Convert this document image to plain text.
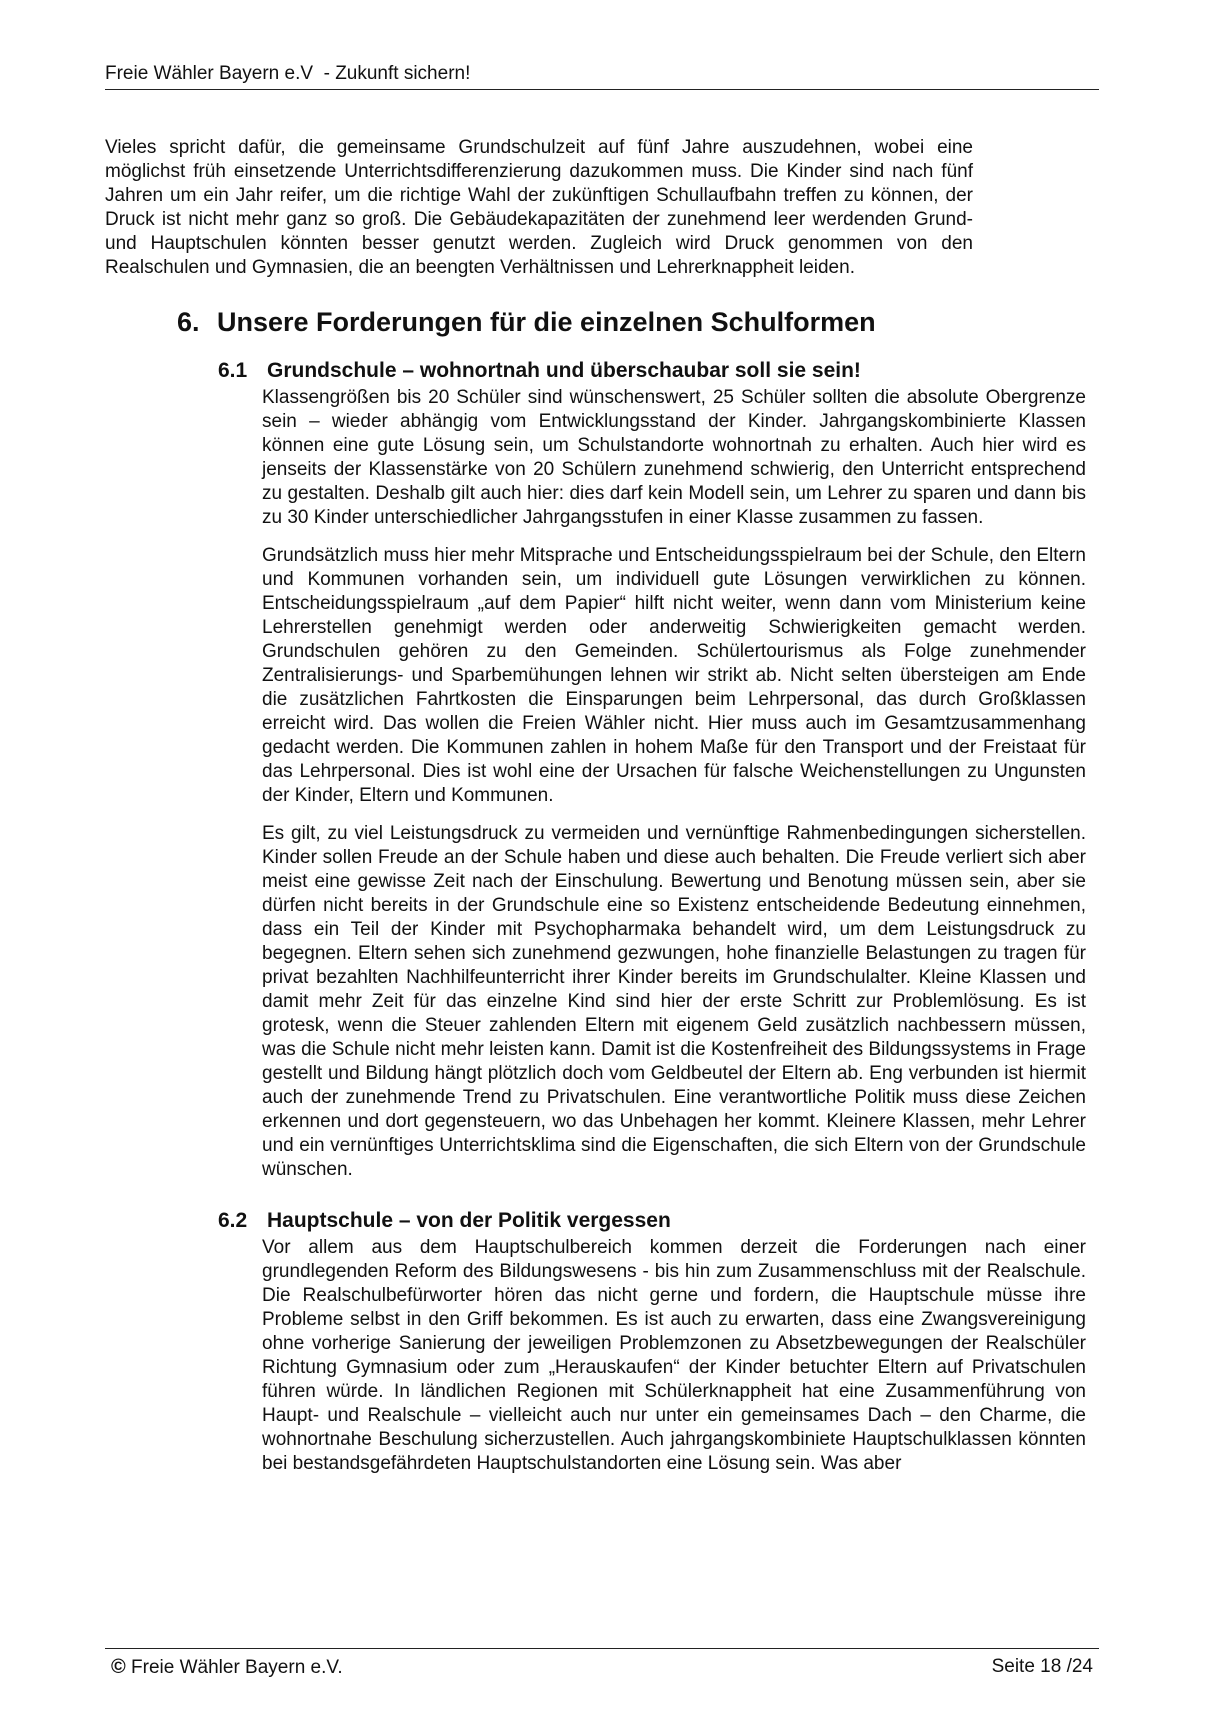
Freie Wähler Bayern e.V  - Zukunft sichern!

Vieles spricht dafür, die gemeinsame Grundschulzeit auf fünf Jahre auszudehnen, wobei eine möglichst früh einsetzende Unterrichtsdifferenzierung dazukommen muss. Die Kinder sind nach fünf Jahren um ein Jahr reifer, um die richtige Wahl der zukünftigen Schullaufbahn treffen zu können, der Druck ist nicht mehr ganz so groß. Die Gebäudekapazitäten der zunehmend leer werdenden Grund- und Hauptschulen könnten besser genutzt werden. Zugleich wird Druck genommen von den Realschulen und Gymnasien, die an beengten Verhältnissen und Lehrerknappheit leiden.

6. Unsere Forderungen für die einzelnen Schulformen
6.1 Grundschule – wohnortnah und überschaubar soll sie sein!

Klassengrößen bis 20 Schüler sind wünschenswert, 25 Schüler sollten die absolute Obergrenze sein – wieder abhängig vom Entwicklungsstand der Kinder. Jahrgangskombinierte Klassen können eine gute Lösung sein, um Schulstandorte wohnortnah zu erhalten. Auch hier wird es jenseits der Klassenstärke von 20 Schülern zunehmend schwierig, den Unterricht entsprechend zu gestalten. Deshalb gilt auch hier: dies darf kein Modell sein, um Lehrer zu sparen und dann bis zu 30 Kinder unterschiedlicher Jahrgangsstufen in einer Klasse zusammen zu fassen.

Grundsätzlich muss hier mehr Mitsprache und Entscheidungsspielraum bei der Schule, den Eltern und Kommunen vorhanden sein, um individuell gute Lösungen verwirklichen zu können. Entscheidungsspielraum „auf dem Papier“ hilft nicht weiter, wenn dann vom Ministerium keine Lehrerstellen genehmigt werden oder anderweitig Schwierigkeiten gemacht werden. Grundschulen gehören zu den Gemeinden. Schülertourismus als Folge zunehmender Zentralisierungs- und Sparbemühungen lehnen wir strikt ab. Nicht selten übersteigen am Ende die zusätzlichen Fahrtkosten die Einsparungen beim Lehrpersonal, das durch Großklassen erreicht wird. Das wollen die Freien Wähler nicht. Hier muss auch im Gesamtzusammenhang gedacht werden. Die Kommunen zahlen in hohem Maße für den Transport und der Freistaat für das Lehrpersonal. Dies ist wohl eine der Ursachen für falsche Weichenstellungen zu Ungunsten der Kinder, Eltern und Kommunen.

Es gilt, zu viel Leistungsdruck zu vermeiden und vernünftige Rahmenbedingungen sicherstellen. Kinder sollen Freude an der Schule haben und diese auch behalten. Die Freude verliert sich aber meist eine gewisse Zeit nach der Einschulung. Bewertung und Benotung müssen sein, aber sie dürfen nicht bereits in der Grundschule eine so Existenz entscheidende Bedeutung einnehmen, dass ein Teil der Kinder mit Psychopharmaka behandelt wird, um dem Leistungsdruck zu begegnen. Eltern sehen sich zunehmend gezwungen, hohe finanzielle Belastungen zu tragen für privat bezahlten Nachhilfeunterricht ihrer Kinder bereits im Grundschulalter. Kleine Klassen und damit mehr Zeit für das einzelne Kind sind hier der erste Schritt zur Problemlösung. Es ist grotesk, wenn die Steuer zahlenden Eltern mit eigenem Geld zusätzlich nachbessern müssen, was die Schule nicht mehr leisten kann. Damit ist die Kostenfreiheit des Bildungssystems in Frage gestellt und Bildung hängt plötzlich doch vom Geldbeutel der Eltern ab. Eng verbunden ist hiermit auch der zunehmende Trend zu Privatschulen. Eine verantwortliche Politik muss diese Zeichen erkennen und dort gegensteuern, wo das Unbehagen her kommt. Kleinere Klassen, mehr Lehrer und ein vernünftiges Unterrichtsklima sind die Eigenschaften, die sich Eltern von der Grundschule wünschen.

6.2 Hauptschule – von der Politik vergessen

Vor allem aus dem Hauptschulbereich kommen derzeit die Forderungen nach einer grundlegenden Reform des Bildungswesens - bis hin zum Zusammenschluss mit der Realschule. Die Realschulbefürworter hören das nicht gerne und fordern, die Hauptschule müsse ihre Probleme selbst in den Griff bekommen. Es ist auch zu erwarten, dass eine Zwangsvereinigung ohne vorherige Sanierung der jeweiligen Problemzonen zu Absetzbewegungen der Realschüler Richtung Gymnasium oder zum „Herauskaufen“ der Kinder betuchter Eltern auf Privatschulen führen würde. In ländlichen Regionen mit Schülerknappheit hat eine Zusammenführung von Haupt- und Realschule – vielleicht auch nur unter ein gemeinsames Dach – den Charme, die wohnortnahe Beschulung sicherzustellen. Auch jahrgangskombiniete Hauptschulklassen könnten bei bestandsgefährdeten Hauptschulstandorten eine Lösung sein. Was aber

© Freie Wähler Bayern e.V.	Seite 18 /24
